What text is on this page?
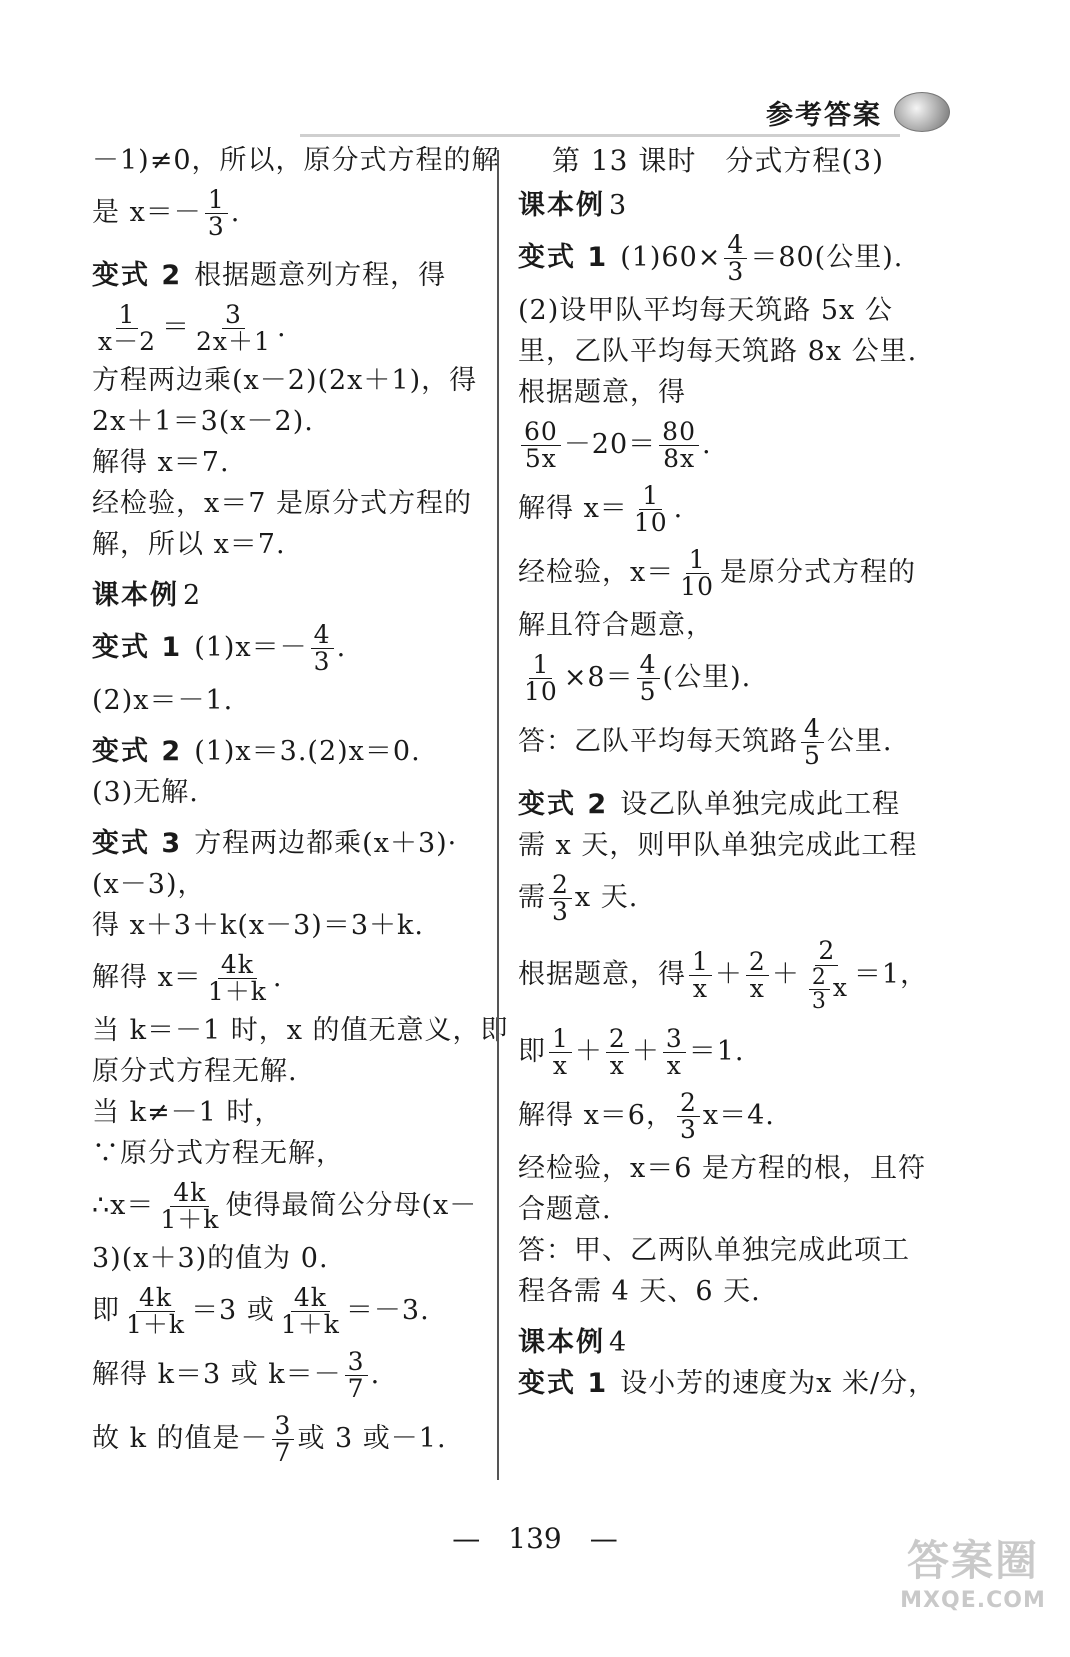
参考答案
－1)≠0，所以，原分式方程的解
是 $x=- \frac{1}{3}$ .
变式 2 根据题意列方程，得
$\frac{1}{x-2} = \frac{3}{2x+1}$ .
方程两边乘(x－2)(2x＋1)，得
2x＋1＝3(x－2).
解得 x＝7.
经检验，x＝7 是原分式方程的
解，所以 x＝7.
课本例 2
变式 1 $(1)x=- \frac{4}{3}$ .
(2)x＝－1.
变式 2 (1)x＝3.(2)x＝0.
(3)无解.
变式 3 方程两边都乘(x＋3)·
(x－3)，
得 x＋3＋k(x－3)＝3＋k.
解得 $x= \frac{4k}{1+k}$ .
当 k＝－1 时，x 的值无意义，即
原分式方程无解.
当 k≠－1 时，
∵原分式方程无解，
∴x＝ $\frac{4k}{1+k}$ 使得最简公分母(x－
3)(x＋3)的值为 0.
即 $\frac{4k}{1+k} =3$ 或 $\frac{4k}{1+k} =-3$.
解得 k＝3 或 $k=- \frac{3}{7}$ .
故 k 的值是－ $\frac{3}{7}$ 或 3 或－1.
第 13 课时　分式方程(3)
课本例 3
变式 1 $(1)60\times \frac{4}{3} =80$(公里).
(2)设甲队平均每天筑路 5x 公
里，乙队平均每天筑路 8x 公里.
根据题意，得
$\frac{60}{5x} -20= \frac{80}{8x}$ .
解得 $x= \frac{1}{10}$ .
经检验，$x= \frac{1}{10}$ 是原分式方程的
解且符合题意，
$\frac{1}{10} \times 8= \frac{4}{5}$ (公里).
答：乙队平均每天筑路 $\frac{4}{5}$ 公里.
变式 2 设乙队单独完成此工程
需 x 天，则甲队单独完成此工程
需 $\frac{2}{3}$ x 天.
根据题意，得 $\frac{1}{x} + \frac{2}{x} + \frac{2}{\frac{2}{3} x} =1$，
即 $\frac{1}{x} + \frac{2}{x} + \frac{3}{x} =1$.
解得 x＝6， $\frac{2}{3} x=4$.
经检验，x＝6 是方程的根，且符
合题意.
答：甲、乙两队单独完成此项工
程各需 4 天、6 天.
课本例 4
变式 1 设小芳的速度为x 米/分，
—　139　—	答案圈
MXQE.COM
